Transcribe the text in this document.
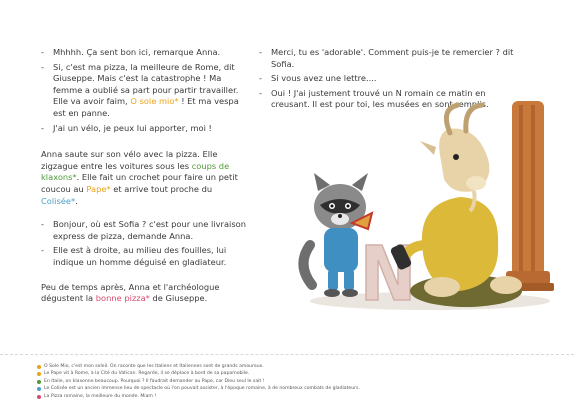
- Mhhhh. Ça sent bon ici, remarque Anna.

- Si, c'est ma pizza, la meilleure de Rome, dit Giuseppe. Mais c'est la catastrophe ! Ma femme a oublié sa part pour partir travailler. Elle va avoir faim, O sole mio* ! Et ma vespa est en panne.

- J'ai un vélo, je peux lui apporter, moi !

Anna saute sur son vélo avec la pizza. Elle zigzague entre les voitures sous les coups de klaxons*. Elle fait un crochet pour faire un petit coucou au Pape* et arrive tout proche du Colisée*.

- Bonjour, où est Sofia ? c'est pour une livraison express de pizza, demande Anna.

- Elle est à droite, au milieu des fouilles, lui indique un homme déguisé en gladiateur.

Peu de temps après, Anna et l'archéologue dégustent la bonne pizza* de Giuseppe.

- Merci, tu es 'adorable'. Comment puis-je te remercier ? dit Sofia.

- Si vous avez une lettre....

- Oui ! J'ai justement trouvé un N romain ce matin en creusant. Il est pour toi, les musées en sont remplis.

O Sole Mio, c'est mon soleil. On raconte que les Italiens et Italiennes sont de grands amoureux.
Le Pape vit à Rome, à la Cité du Vatican. Regarde, il se déplace à bord de sa papamobile.
En Italie, on klaxonne beaucoup. Pourquoi ? Il faudrait demander au Pape, car Dieu seul le sait !
Le Colisée est un ancien immense lieu de spectacle où l'on pouvait assister, à l'époque romaine, à de nombreux combats de gladiateurs.
La Pizza romaine, la meilleure du monde. Miam !
